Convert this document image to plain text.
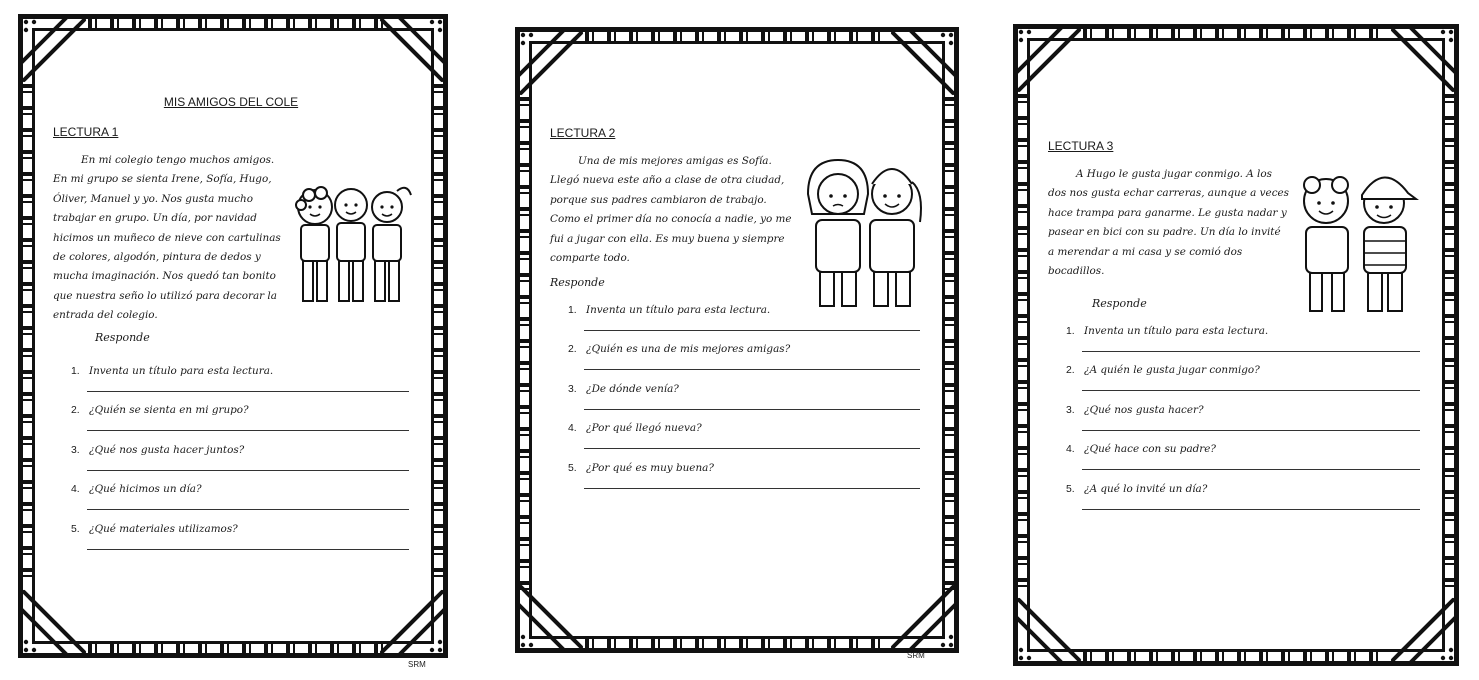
MIS AMIGOS DEL COLE
LECTURA 1
En mi colegio tengo muchos amigos. En mi grupo se sienta Irene, Sofía, Hugo, Óliver, Manuel y yo. Nos gusta mucho trabajar en grupo. Un día, por navidad hicimos un muñeco de nieve con cartulinas de colores, algodón, pintura de dedos y mucha imaginación. Nos quedó tan bonito que nuestra seño lo utilizó para decorar la entrada del colegio.
Responde
1. Inventa un título para esta lectura.
2. ¿Quién se sienta en mi grupo?
3. ¿Qué nos gusta hacer juntos?
4. ¿Qué hicimos un día?
5. ¿Qué materiales utilizamos?
SRM
LECTURA 2
Una de mis mejores amigas es Sofía. Llegó nueva este año a clase de otra ciudad, porque sus padres cambiaron de trabajo. Como el primer día no conocía a nadie, yo me fui a jugar con ella. Es muy buena y siempre comparte todo.
Responde
1. Inventa un título para esta lectura.
2. ¿Quién es una de mis mejores amigas?
3. ¿De dónde venía?
4. ¿Por qué llegó nueva?
5. ¿Por qué es muy buena?
SRM
LECTURA 3
A Hugo le gusta jugar conmigo. A los dos nos gusta echar carreras, aunque a veces hace trampa para ganarme. Le gusta nadar y pasear en bici con su padre. Un día lo invité a merendar a mi casa y se comió dos bocadillos.
Responde
1. Inventa un título para esta lectura.
2. ¿A quién le gusta jugar conmigo?
3. ¿Qué nos gusta hacer?
4. ¿Qué hace con su padre?
5. ¿A qué lo invité un día?
